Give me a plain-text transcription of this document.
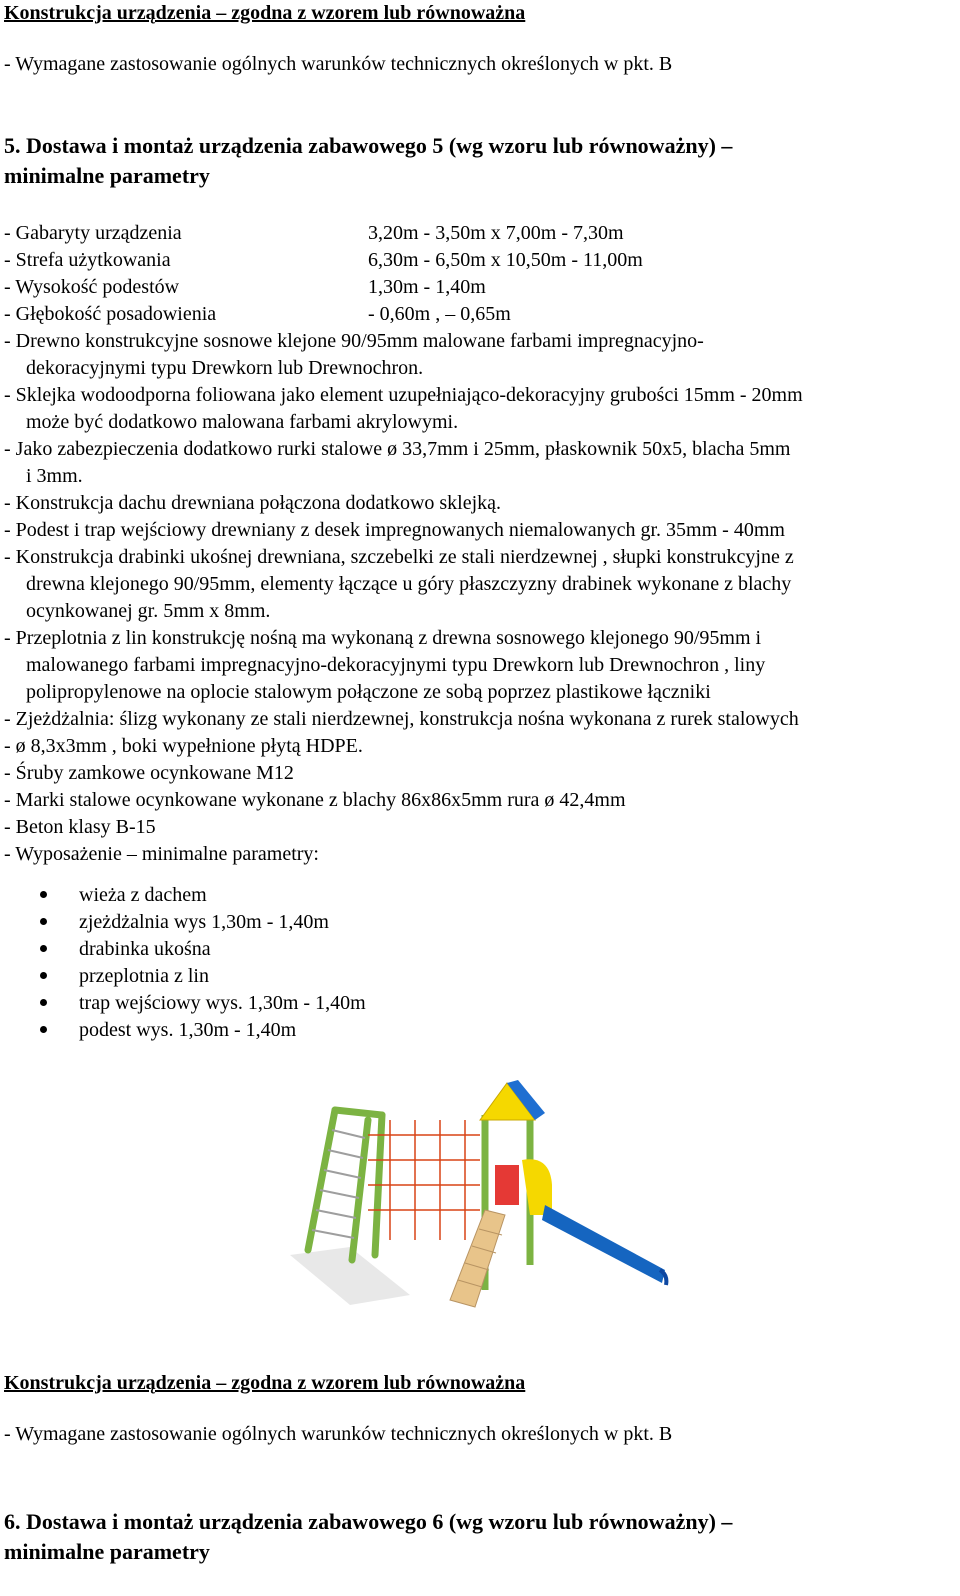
Konstrukcja urządzenia – zgodna z wzorem lub równoważna
- Wymagane zastosowanie ogólnych warunków technicznych określonych w pkt. B
5. Dostawa i montaż urządzenia zabawowego 5 (wg wzoru lub równoważny) –
minimalne parametry
- Gabaryty urządzenia	3,20m - 3,50m x 7,00m - 7,30m
- Strefa użytkowania	6,30m - 6,50m x 10,50m - 11,00m
- Wysokość podestów	1,30m - 1,40m
- Głębokość posadowienia	- 0,60m , – 0,65m
- Drewno konstrukcyjne sosnowe klejone 90/95mm malowane farbami impregnacyjno-
dekoracyjnymi typu Drewkorn lub Drewnochron.
- Sklejka wodoodporna foliowana jako element uzupełniająco-dekoracyjny grubości 15mm - 20mm
może być dodatkowo malowana farbami akrylowymi.
- Jako zabezpieczenia dodatkowo rurki stalowe ø 33,7mm i 25mm, płaskownik 50x5, blacha 5mm
i 3mm.
- Konstrukcja dachu drewniana połączona dodatkowo sklejką.
- Podest i trap wejściowy drewniany z desek impregnowanych niemalowanych gr. 35mm - 40mm
- Konstrukcja drabinki ukośnej drewniana, szczebelki ze stali nierdzewnej , słupki konstrukcyjne z
drewna klejonego 90/95mm, elementy łączące u góry płaszczyzny drabinek wykonane z blachy
ocynkowanej gr. 5mm x 8mm.
- Przeplotnia z lin konstrukcję nośną ma wykonaną z drewna sosnowego klejonego 90/95mm i
malowanego farbami impregnacyjno-dekoracyjnymi typu Drewkorn lub Drewnochron , liny
polipropylenowe na oplocie stalowym połączone ze sobą poprzez plastikowe łączniki
- Zjeżdżalnia: ślizg wykonany ze stali nierdzewnej, konstrukcja nośna wykonana z rurek stalowych
- ø 8,3x3mm , boki wypełnione płytą HDPE.
- Śruby zamkowe ocynkowane M12
- Marki stalowe ocynkowane wykonane z blachy 86x86x5mm rura ø 42,4mm
- Beton klasy B-15
- Wyposażenie – minimalne parametry:
wieża z dachem
zjeżdżalnia wys 1,30m - 1,40m
drabinka ukośna
przeplotnia z lin
trap wejściowy wys. 1,30m - 1,40m
podest wys. 1,30m - 1,40m
Konstrukcja urządzenia – zgodna z wzorem lub równoważna
- Wymagane zastosowanie ogólnych warunków technicznych określonych w pkt. B
6. Dostawa i montaż urządzenia zabawowego 6 (wg wzoru lub równoważny) –
minimalne parametry
